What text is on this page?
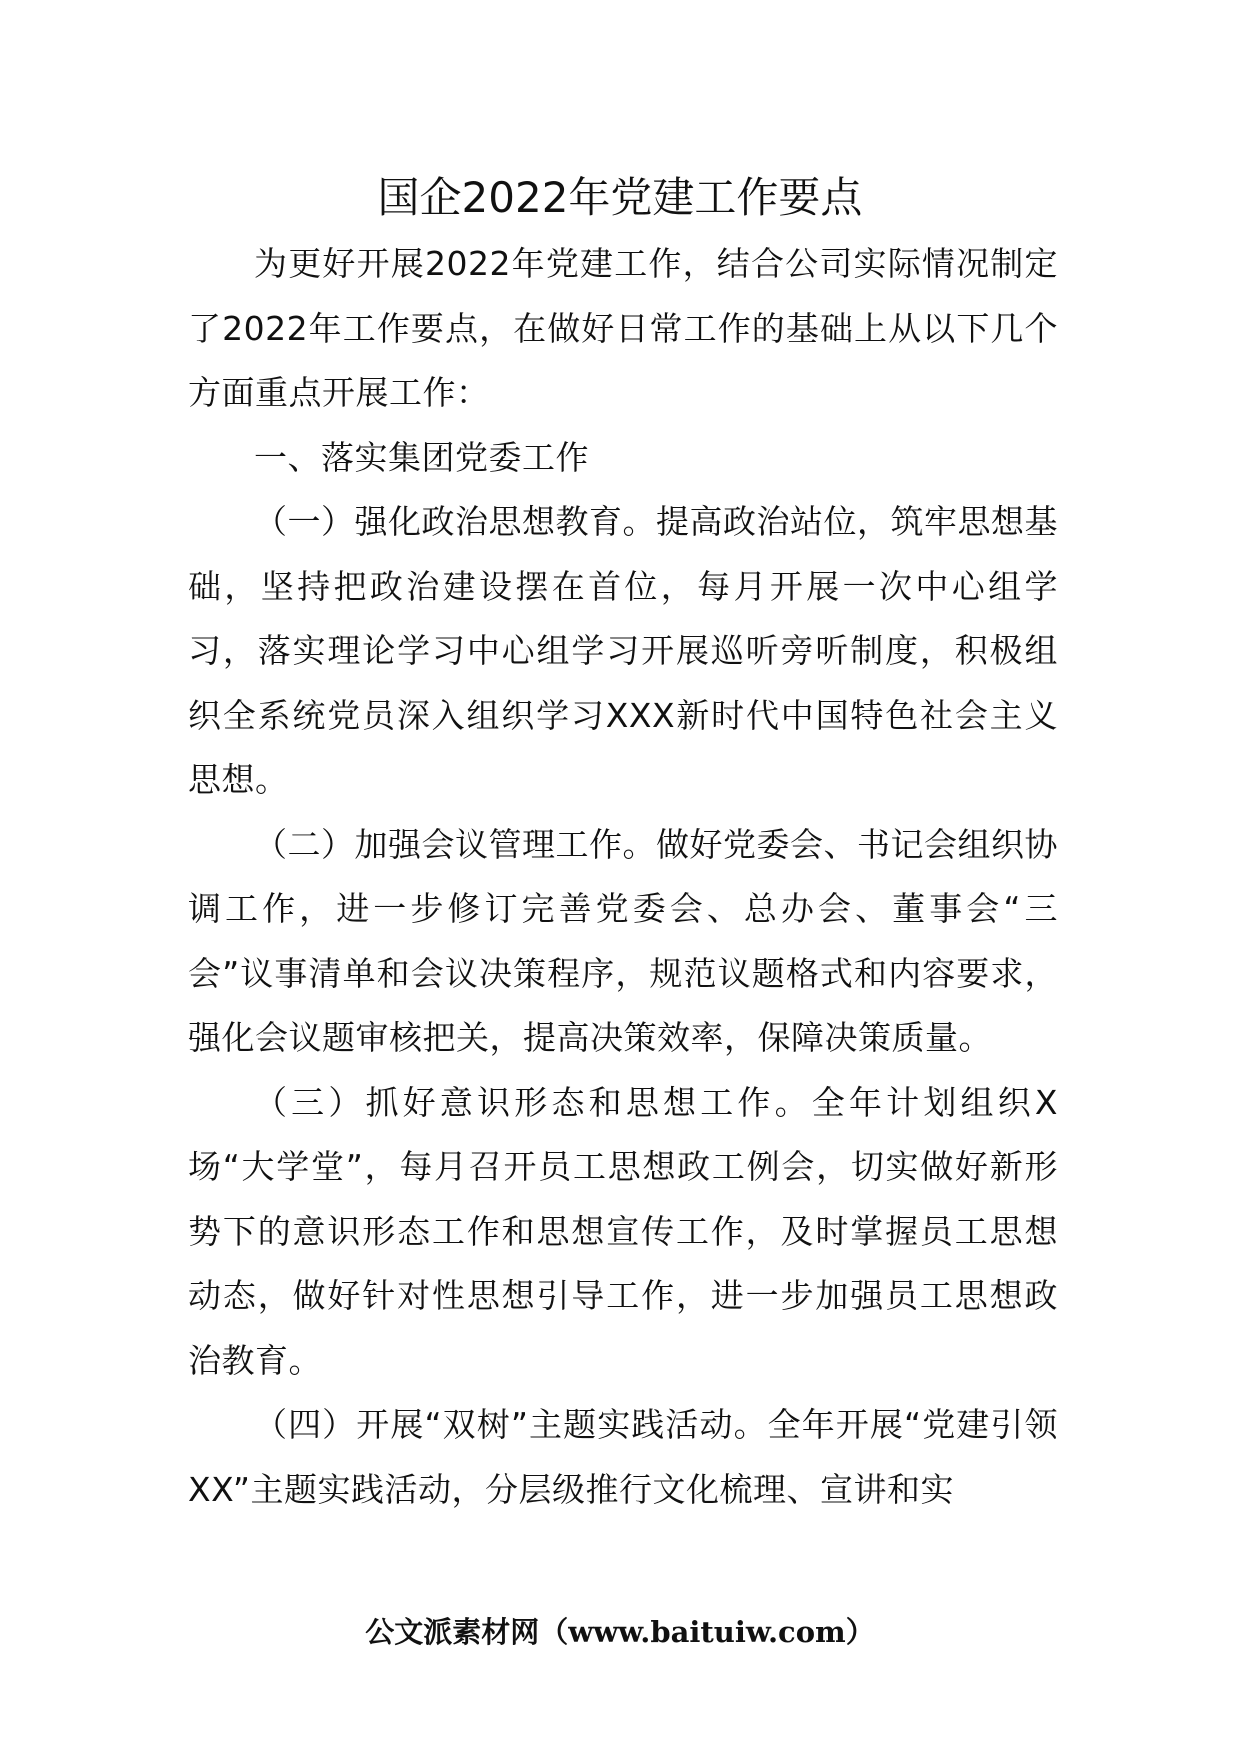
国企2022年党建工作要点

为更好开展2022年党建工作，结合公司实际情况制定了2022年工作要点，在做好日常工作的基础上从以下几个方面重点开展工作：

一、落实集团党委工作

（一）强化政治思想教育。提高政治站位，筑牢思想基础，坚持把政治建设摆在首位，每月开展一次中心组学习，落实理论学习中心组学习开展巡听旁听制度，积极组织全系统党员深入组织学习XXX新时代中国特色社会主义思想。

（二）加强会议管理工作。做好党委会、书记会组织协调工作，进一步修订完善党委会、总办会、董事会“三会”议事清单和会议决策程序，规范议题格式和内容要求，强化会议题审核把关，提高决策效率，保障决策质量。

（三）抓好意识形态和思想工作。全年计划组织X场“大学堂”，每月召开员工思想政工例会，切实做好新形势下的意识形态工作和思想宣传工作，及时掌握员工思想动态，做好针对性思想引导工作，进一步加强员工思想政治教育。

（四）开展“双树”主题实践活动。全年开展“党建引领XX”主题实践活动，分层级推行文化梳理、宣讲和实

公文派素材网（www.baituiw.com）
